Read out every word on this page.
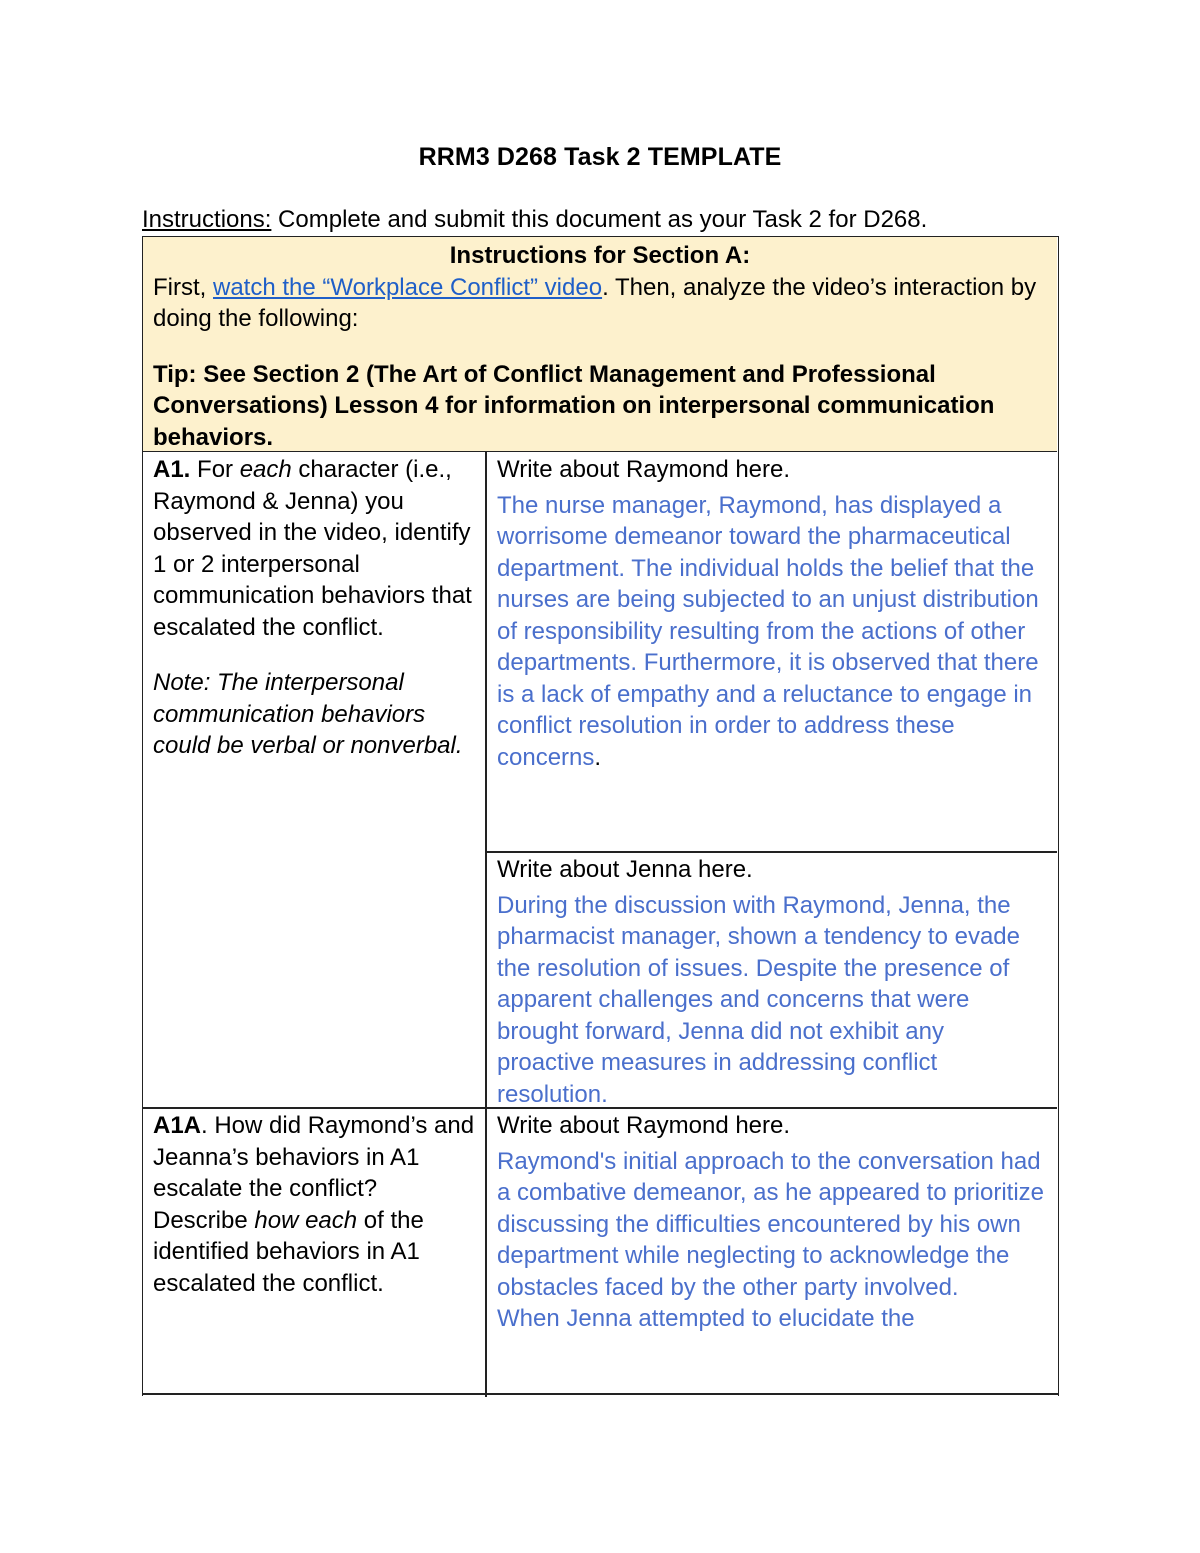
RRM3 D268 Task 2 TEMPLATE
Instructions: Complete and submit this document as your Task 2 for D268.
Instructions for Section A:
First, watch the “Workplace Conflict” video. Then, analyze the video’s interaction by doing the following:
Tip: See Section 2 (The Art of Conflict Management and Professional Conversations) Lesson 4 for information on interpersonal communication behaviors.
A1. For each character (i.e., Raymond & Jenna) you observed in the video, identify 1 or 2 interpersonal communication behaviors that escalated the conflict.
Note: The interpersonal communication behaviors could be verbal or nonverbal.
Write about Raymond here.
The nurse manager, Raymond, has displayed a worrisome demeanor toward the pharmaceutical department. The individual holds the belief that the nurses are being subjected to an unjust distribution of responsibility resulting from the actions of other departments. Furthermore, it is observed that there is a lack of empathy and a reluctance to engage in conflict resolution in order to address these concerns.
Write about Jenna here.
During the discussion with Raymond, Jenna, the pharmacist manager, shown a tendency to evade the resolution of issues. Despite the presence of apparent challenges and concerns that were brought forward, Jenna did not exhibit any proactive measures in addressing conflict resolution.
A1A. How did Raymond’s and Jeanna’s behaviors in A1 escalate the conflict? Describe how each of the identified behaviors in A1 escalated the conflict.
Write about Raymond here.
Raymond's initial approach to the conversation had a combative demeanor, as he appeared to prioritize discussing the difficulties encountered by his own department while neglecting to acknowledge the obstacles faced by the other party involved.
When Jenna attempted to elucidate the
